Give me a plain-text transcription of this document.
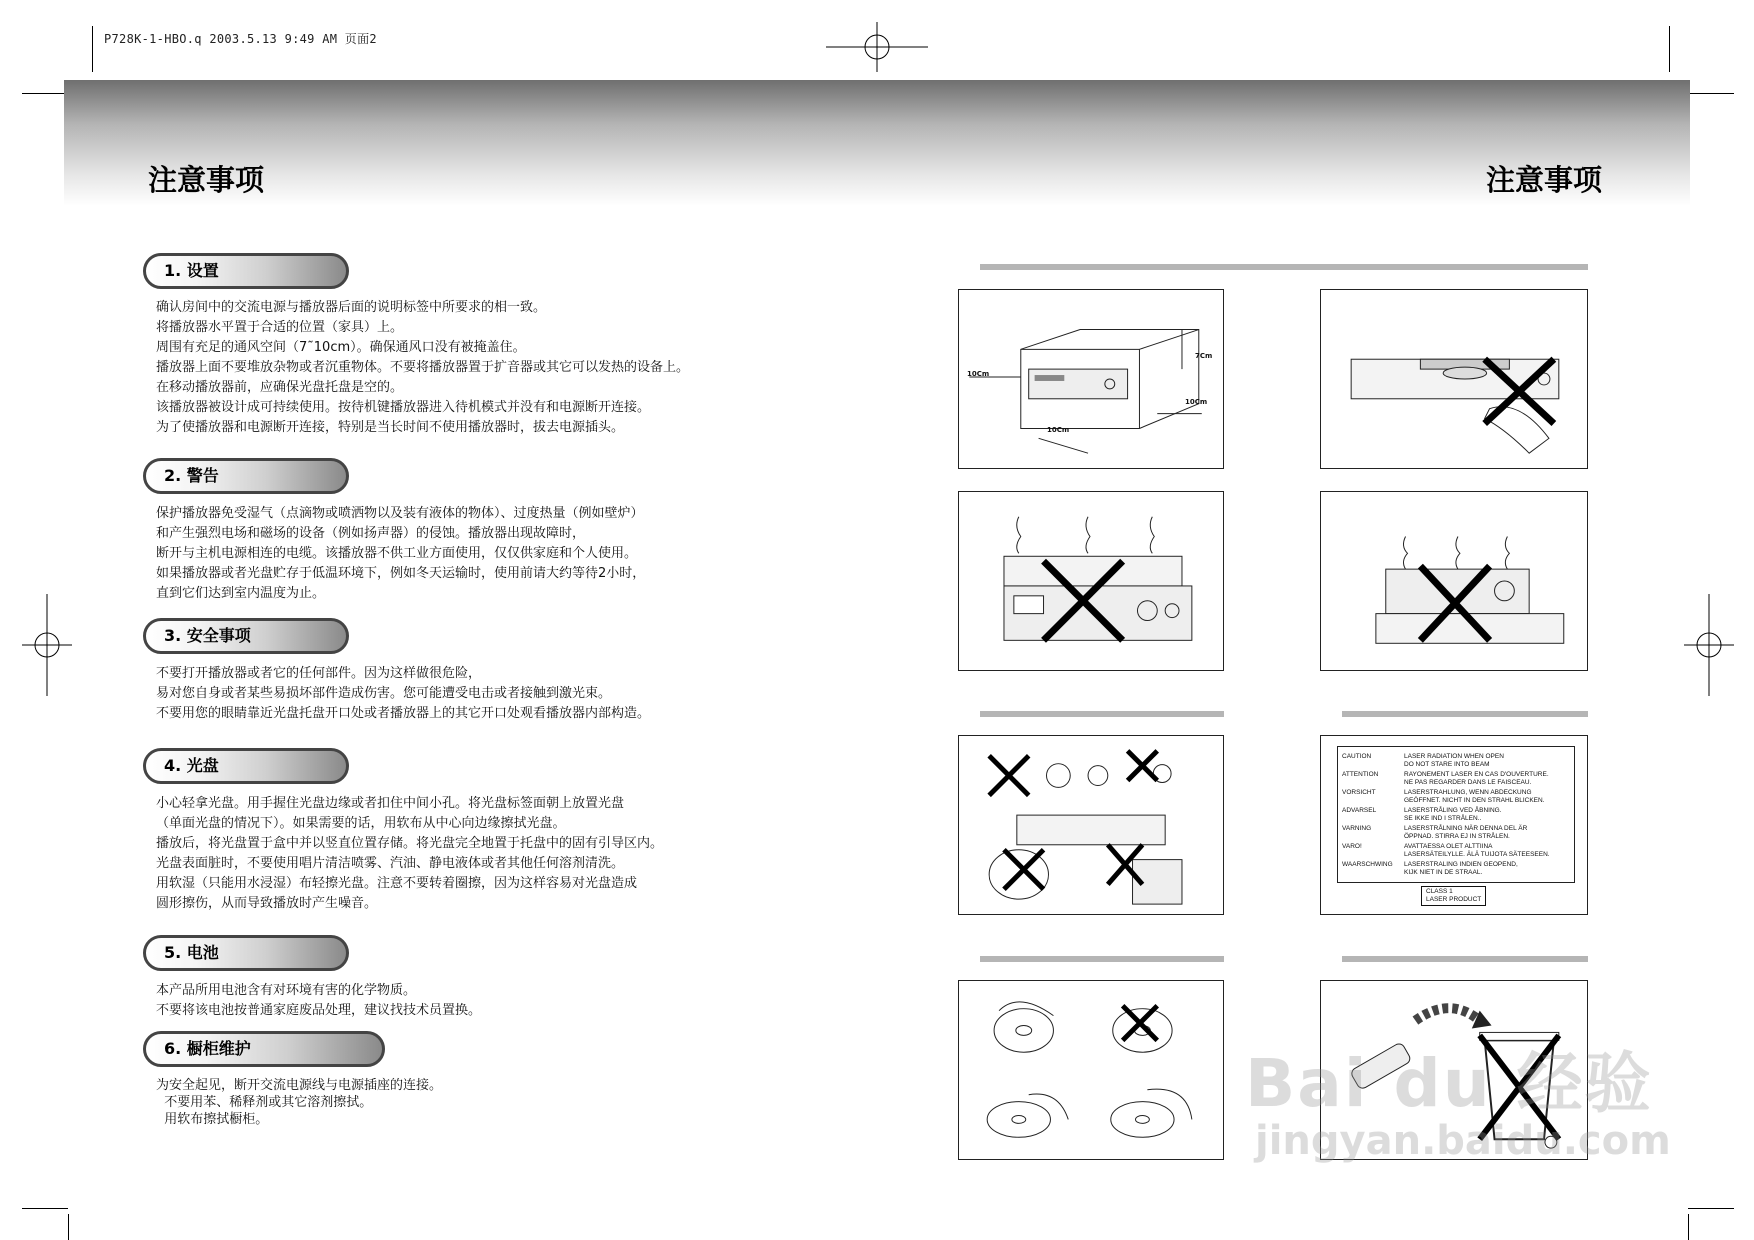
P728K-1-HBO.q 2003.5.13 9:49 AM 页面2
注意事项	注意事项
1. 设置
确认房间中的交流电源与播放器后面的说明标签中所要求的相一致。
将播放器水平置于合适的位置（家具）上。
周围有充足的通风空间（7˜10cm）。确保通风口没有被掩盖住。
播放器上面不要堆放杂物或者沉重物体。不要将播放器置于扩音器或其它可以发热的设备上。
在移动播放器前，应确保光盘托盘是空的。
该播放器被设计成可持续使用。按待机键播放器进入待机模式并没有和电源断开连接。
为了使播放器和电源断开连接，特别是当长时间不使用播放器时，拔去电源插头。
2. 警告
保护播放器免受湿气（点滴物或喷洒物以及装有液体的物体）、过度热量（例如壁炉）
和产生强烈电场和磁场的设备（例如扬声器）的侵蚀。播放器出现故障时，
断开与主机电源相连的电缆。该播放器不供工业方面使用，仅仅供家庭和个人使用。
如果播放器或者光盘贮存于低温环境下，例如冬天运输时，使用前请大约等待2小时，
直到它们达到室内温度为止。
3. 安全事项
不要打开播放器或者它的任何部件。因为这样做很危险，
易对您自身或者某些易损坏部件造成伤害。您可能遭受电击或者接触到激光束。
不要用您的眼睛靠近光盘托盘开口处或者播放器上的其它开口处观看播放器内部构造。
4. 光盘
小心轻拿光盘。用手握住光盘边缘或者扣住中间小孔。将光盘标签面朝上放置光盘
（单面光盘的情况下）。如果需要的话，用软布从中心向边缘擦拭光盘。
播放后，将光盘置于盒中并以竖直位置存储。将光盘完全地置于托盘中的固有引导区内。
光盘表面脏时，不要使用唱片清洁喷雾、汽油、静电液体或者其他任何溶剂清洗。
用软湿（只能用水浸湿）布轻擦光盘。注意不要转着圈擦，因为这样容易对光盘造成
圆形擦伤，从而导致播放时产生噪音。
5. 电池
本产品所用电池含有对环境有害的化学物质。
不要将该电池按普通家庭废品处理，建议找技术员置换。
6. 橱柜维护
为安全起见，断开交流电源线与电源插座的连接。
不要用苯、稀释剂或其它溶剂擦拭。
用软布擦拭橱柜。
7Cm
10Cm
10Cm
10Cm
CAUTION	LASER RADIATION WHEN OPEN
DO NOT STARE INTO BEAM
ATTENTION	RAYONEMENT LASER EN CAS D'OUVERTURE.
NE PAS REGARDER DANS LE FAISCEAU.
VORSICHT	LASERSTRAHLUNG, WENN ABDECKUNG
GEÖFFNET. NICHT IN DEN STRAHL BLICKEN.
ADVARSEL	LASERSTRÅLING VED ÅBNING.
SE IKKE IND I STRÅLEN..
VARNING	LASERSTRÅLNING NÄR DENNA DEL ÄR
ÖPPNAD. STIRRA EJ IN STRÅLEN.
VARO!	AVATTAESSA OLET ALTTIINA
LASERSÄTEILYLLE. ÄLÄ TUIJOTA SÄTEESEEN.
WAARSCHWING	LASERSTRALING INDIEN GEOPEND,
KIJK NIET IN DE STRAAL.
CLASS 1
LASER PRODUCT
Bai du 经验
jingyan.baidu.com
